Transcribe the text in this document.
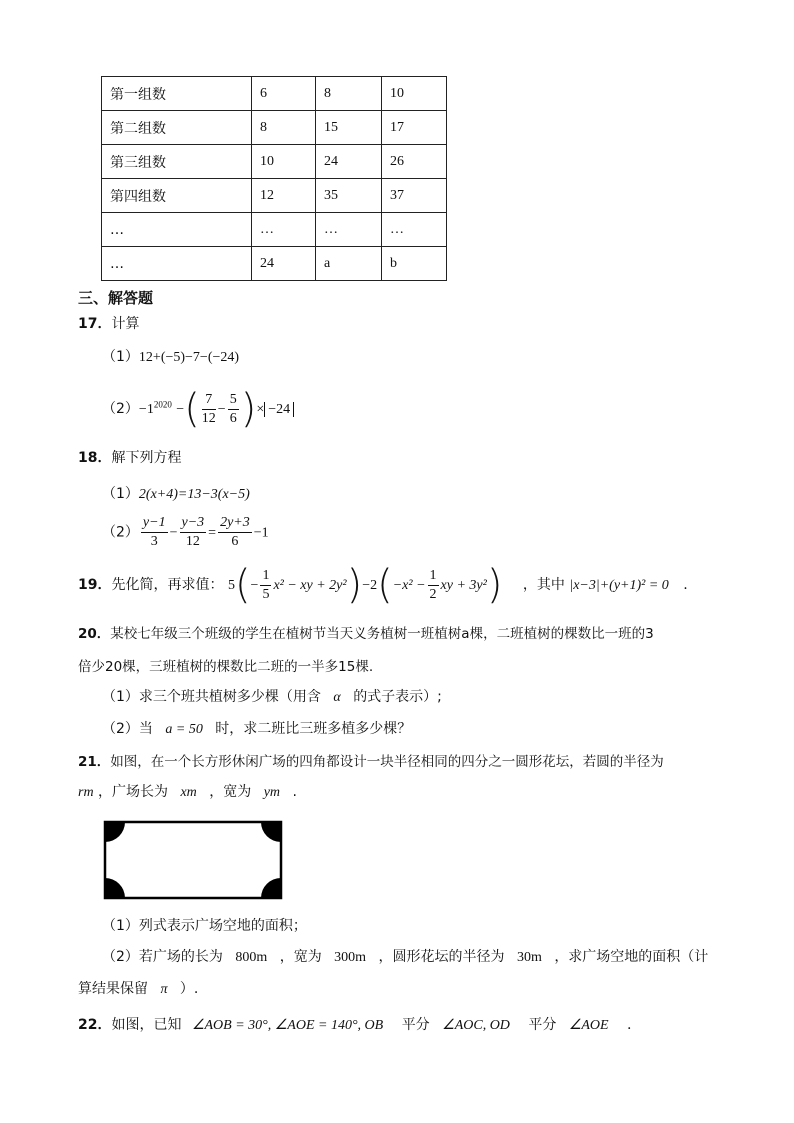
第一组数	6	8	10
第二组数	8	15	17
第三组数	10	24	26
第四组数	12	35	37
…	…	…	…
…	24	a	b
三、解答题
17．计算
（1）12+(−5)−7−(−24)
$(2)-1^{2020}$ −( $\frac{7}{12} - \frac{5}{6}$ )× −24
18．解下列方程
（1）2(x+4)=13−3(x−5)
$(2) \frac{y-1}{3} - \frac{y-3}{12} = \frac{2y+3}{6} -1$
19．先化简，再求值： $5(- \frac{1}{5} x^2$ − xy + $2y^2)-2(-x^2 - \frac{1}{2}$ xy + 3y²) ，其中 |x−3|+(y+1)² = 0 .
20．某校七年级三个班级的学生在植树节当天义务植树一班植树a棵，二班植树的棵数比一班的3
倍少20棵，三班植树的棵数比二班的一半多15棵.
（1）求三个班共植树多少棵（用含 α 的式子表示）;
（2）当 a = 50 时，求二班比三班多植多少棵？
21．如图，在一个长方形休闲广场的四角都设计一块半径相同的四分之一圆形花坛，若圆的半径为
rm ，广场长为 xm ，宽为 ym .
（1）列式表示广场空地的面积；
（2）若广场的长为 800m ，宽为 300m ，圆形花坛的半径为 30m ，求广场空地的面积（计
算结果保留 π ）.
22．如图，已知 ∠AOB = 30°, ∠AOE = 140°, OB 平分 ∠AOC, OD 平分 ∠AOE .
